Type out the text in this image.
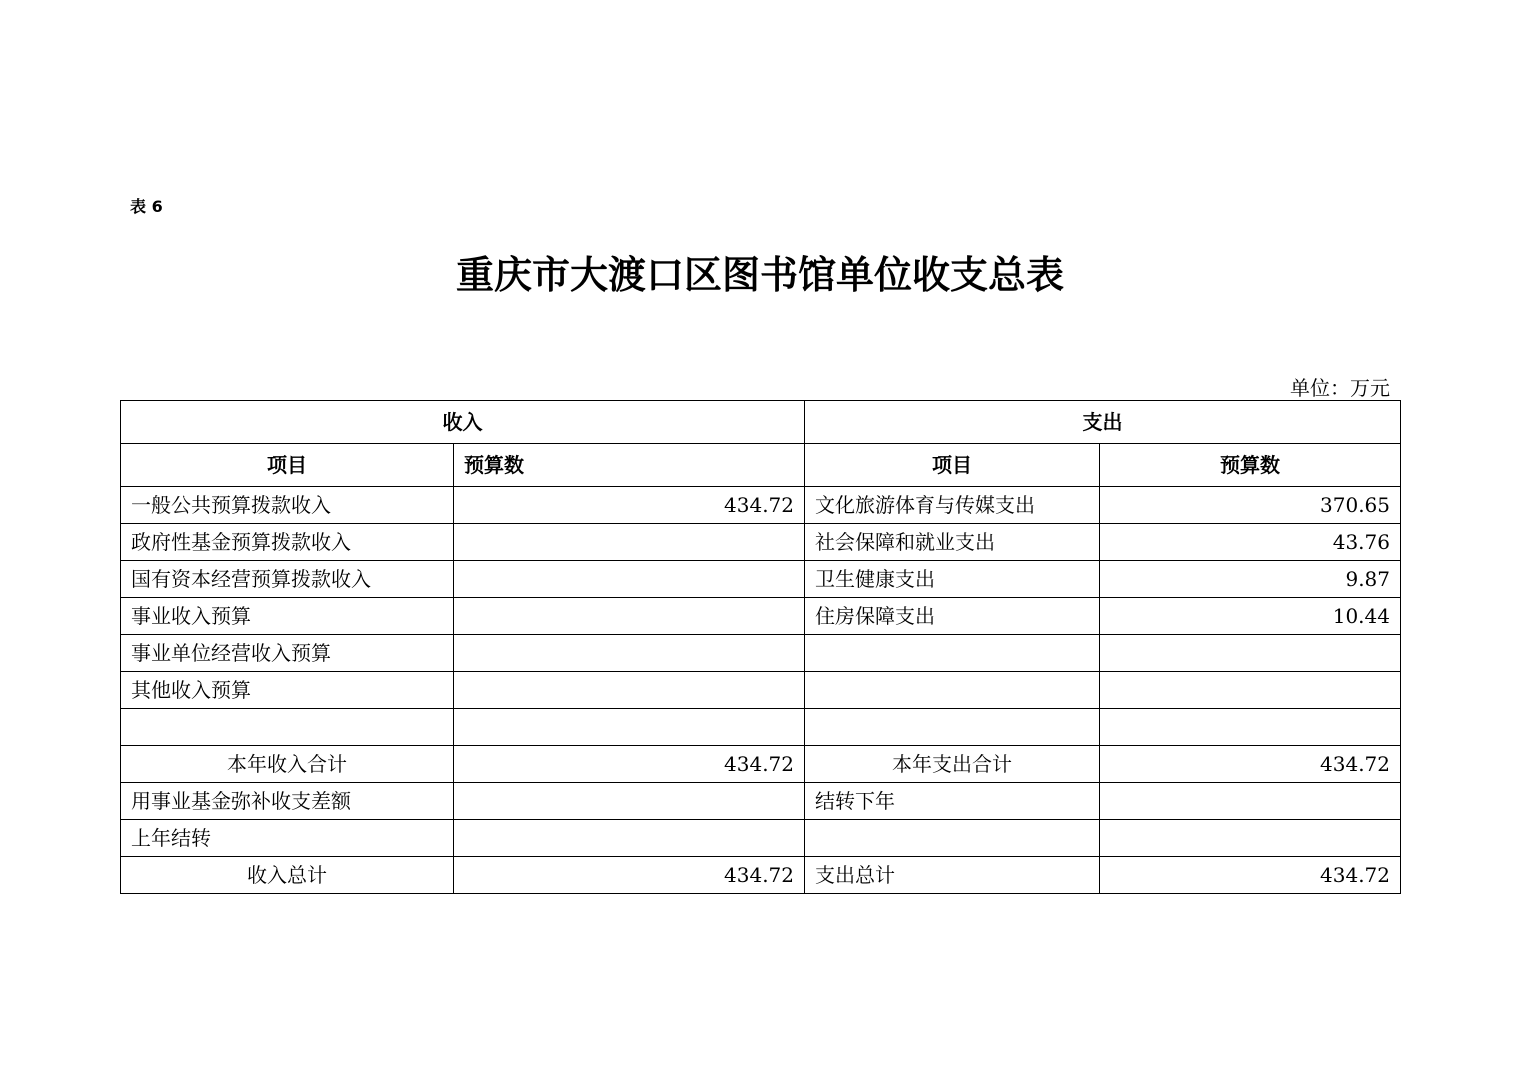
表 6
重庆市大渡口区图书馆单位收支总表
单位：万元
收入		支出	
项目	预算数	项目	预算数
一般公共预算拨款收入	434.72	文化旅游体育与传媒支出	370.65
政府性基金预算拨款收入		社会保障和就业支出	43.76
国有资本经营预算拨款收入		卫生健康支出	9.87
事业收入预算		住房保障支出	10.44
事业单位经营收入预算			
其他收入预算			

本年收入合计	434.72	本年支出合计	434.72
用事业基金弥补收支差额		结转下年	
上年结转			
收入总计	434.72	支出总计	434.72
